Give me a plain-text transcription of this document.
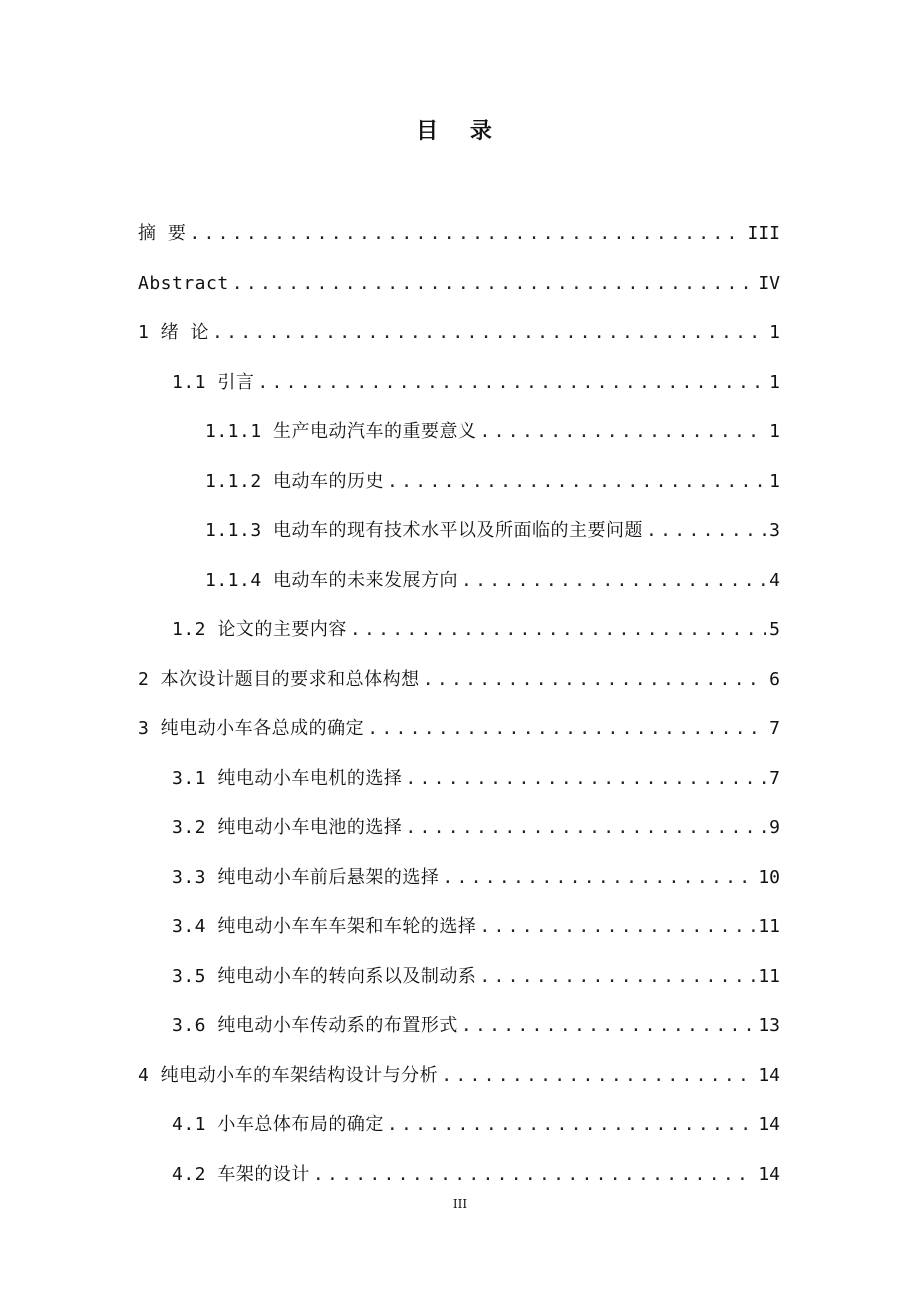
目 录
摘 要 .....	III
Abstract .....	IV
1 绪 论 .....	1
1.1 引言 .....	1
1.1.1 生产电动汽车的重要意义 .....	1
1.1.2 电动车的历史 .....	1
1.1.3 电动车的现有技术水平以及所面临的主要问题 .....	3
1.1.4 电动车的未来发展方向 .....	4
1.2 论文的主要内容 .....	5
2 本次设计题目的要求和总体构想 .....	6
3 纯电动小车各总成的确定 .....	7
3.1 纯电动小车电机的选择 .....	7
3.2 纯电动小车电池的选择 .....	9
3.3 纯电动小车前后悬架的选择 .....	10
3.4 纯电动小车车车架和车轮的选择 .....	11
3.5 纯电动小车的转向系以及制动系 .....	11
3.6 纯电动小车传动系的布置形式 .....	13
4 纯电动小车的车架结构设计与分析 .....	14
4.1 小车总体布局的确定 .....	14
4.2 车架的设计 .....	14
III
